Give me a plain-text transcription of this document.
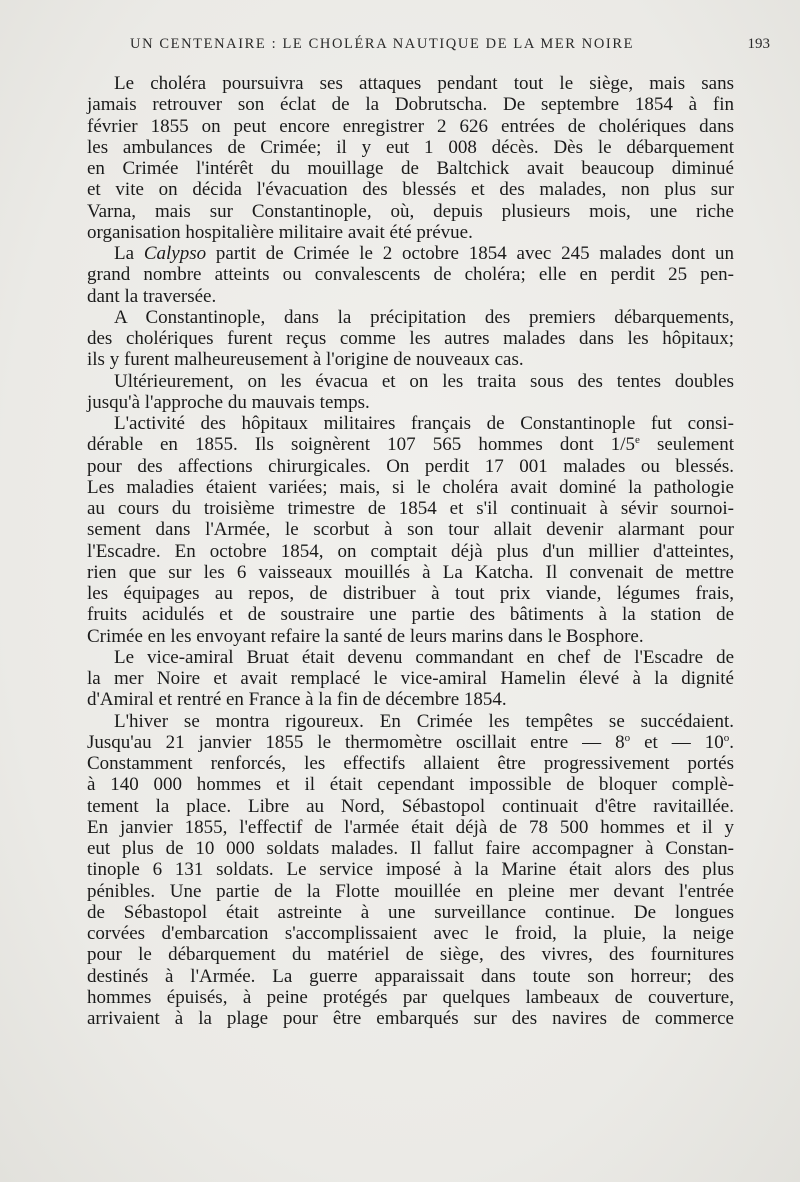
UN CENTENAIRE : LE CHOLÉRA NAUTIQUE DE LA MER NOIRE	193
Le choléra poursuivra ses attaques pendant tout le siège, mais sans
jamais retrouver son éclat de la Dobrutscha. De septembre 1854 à fin
février 1855 on peut encore enregistrer 2 626 entrées de cholériques dans
les ambulances de Crimée; il y eut 1 008 décès. Dès le débarquement
en Crimée l'intérêt du mouillage de Baltchick avait beaucoup diminué
et vite on décida l'évacuation des blessés et des malades, non plus sur
Varna, mais sur Constantinople, où, depuis plusieurs mois, une riche
organisation hospitalière militaire avait été prévue.
La Calypso partit de Crimée le 2 octobre 1854 avec 245 malades dont un
grand nombre atteints ou convalescents de choléra; elle en perdit 25 pen-
dant la traversée.
A Constantinople, dans la précipitation des premiers débarquements,
des cholériques furent reçus comme les autres malades dans les hôpitaux;
ils y furent malheureusement à l'origine de nouveaux cas.
Ultérieurement, on les évacua et on les traita sous des tentes doubles
jusqu'à l'approche du mauvais temps.
L'activité des hôpitaux militaires français de Constantinople fut consi-
dérable en 1855. Ils soignèrent 107 565 hommes dont 1/5e seulement
pour des affections chirurgicales. On perdit 17 001 malades ou blessés.
Les maladies étaient variées; mais, si le choléra avait dominé la pathologie
au cours du troisième trimestre de 1854 et s'il continuait à sévir sournoi-
sement dans l'Armée, le scorbut à son tour allait devenir alarmant pour
l'Escadre. En octobre 1854, on comptait déjà plus d'un millier d'atteintes,
rien que sur les 6 vaisseaux mouillés à La Katcha. Il convenait de mettre
les équipages au repos, de distribuer à tout prix viande, légumes frais,
fruits acidulés et de soustraire une partie des bâtiments à la station de
Crimée en les envoyant refaire la santé de leurs marins dans le Bosphore.
Le vice-amiral Bruat était devenu commandant en chef de l'Escadre de
la mer Noire et avait remplacé le vice-amiral Hamelin élevé à la dignité
d'Amiral et rentré en France à la fin de décembre 1854.
L'hiver se montra rigoureux. En Crimée les tempêtes se succédaient.
Jusqu'au 21 janvier 1855 le thermomètre oscillait entre — 8$^o$ et — 10$^o$.
Constamment renforcés, les effectifs allaient être progressivement portés
à 140 000 hommes et il était cependant impossible de bloquer complè-
tement la place. Libre au Nord, Sébastopol continuait d'être ravitaillée.
En janvier 1855, l'effectif de l'armée était déjà de 78 500 hommes et il y
eut plus de 10 000 soldats malades. Il fallut faire accompagner à Constan-
tinople 6 131 soldats. Le service imposé à la Marine était alors des plus
pénibles. Une partie de la Flotte mouillée en pleine mer devant l'entrée
de Sébastopol était astreinte à une surveillance continue. De longues
corvées d'embarcation s'accomplissaient avec le froid, la pluie, la neige
pour le débarquement du matériel de siège, des vivres, des fournitures
destinés à l'Armée. La guerre apparaissait dans toute son horreur; des
hommes épuisés, à peine protégés par quelques lambeaux de couverture,
arrivaient à la plage pour être embarqués sur des navires de commerce
